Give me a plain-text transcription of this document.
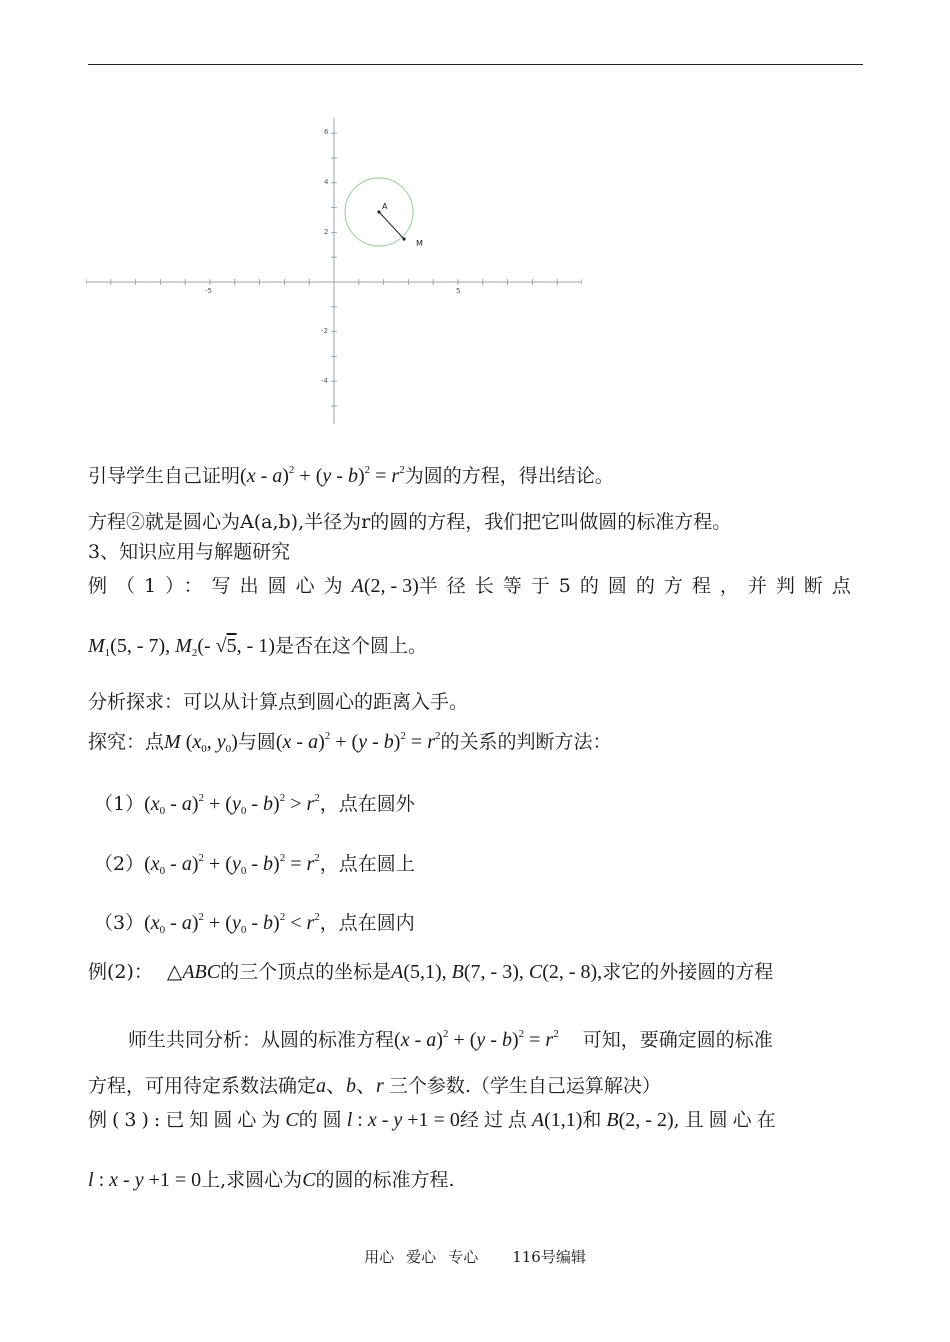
-5	5
6
4
2
-2
-4
A
M
引导学生自己证明$(x - a)^2 + (y - b)^2 = r^2$为圆的方程，得出结论。
方程②就是圆心为A(a,b),半径为r的圆的方程，我们把它叫做圆的标准方程。
3、知识应用与解题研究
例（1）：写出圆心为A(2, - 3)半径长等于5的圆的方程，并判断点
$M_1(5$, - 7), $M_2(-$ √5, - 1)是否在这个圆上。
分析探求：可以从计算点到圆心的距离入手。
探究：点M ($x_0$, $y_0$)与圆$(x - a)^2 + (y - b)^2 = r^2$的关系的判断方法：
$(1)(x_0 - a)^2 + (y_0 - b)^2 > r^2$，点在圆外
$(2)(x_0 - a)^2 + (y_0 - b)^2 = r^2$，点在圆上
$(3)(x_0 - a)^2 + (y_0 - b)^2 < r^2$，点在圆内
例(2)： △ABC的三个顶点的坐标是A(5,1), B(7, - 3), C(2, - 8),求它的外接圆的方程
师生共同分析：从圆的标准方程$(x - a)^2 + (y - b)^2 = r^2$ 可知，要确定圆的标准
方程，可用待定系数法确定a、b、r 三个参数.（学生自己运算解决）
例(3):已知圆心为C的圆l : x - y +1 = 0经过点A(1,1)和B(2, - 2),且圆心在
l : x - y +1 = 0上,求圆心为C的圆的标准方程.
用心 爱心 专心 116号编辑
